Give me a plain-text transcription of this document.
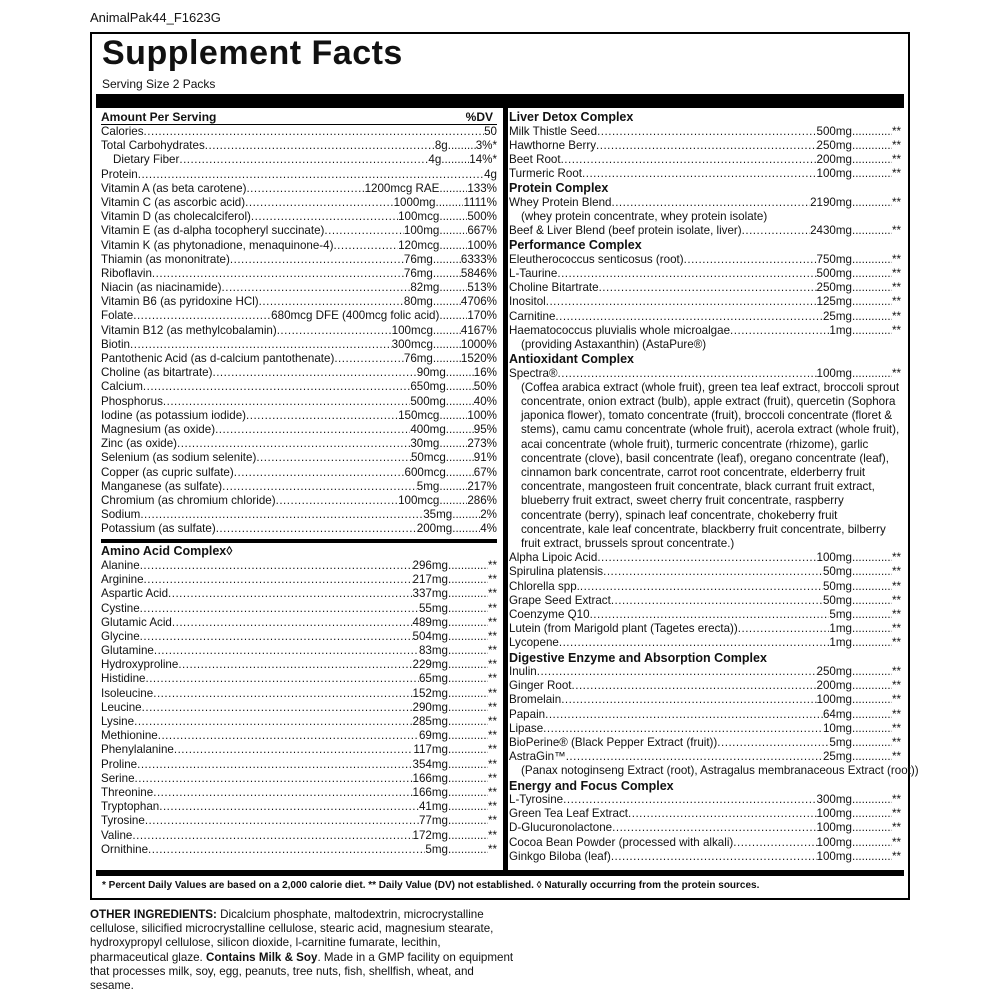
AnimalPak44_F1623G
Supplement Facts
Serving Size 2 Packs
Amount Per Serving	%DV
Calories .....	50
Total Carbohydrates .....	8g ..... 3%*
Dietary Fiber .....	4g ..... 14%*
Protein .....	4g
Vitamin A (as beta carotene) .....	1200mcg RAE ..... 133%
Vitamin C (as ascorbic acid) .....	1000mg ..... 1111%
Vitamin D (as cholecalciferol) .....	100mcg ..... 500%
Vitamin E (as d-alpha tocopheryl succinate) .....	100mg ..... 667%
Vitamin K (as phytonadione, menaquinone-4) .....	120mcg ..... 100%
Thiamin (as mononitrate) .....	76mg ..... 6333%
Riboflavin .....	76mg ..... 5846%
Niacin (as niacinamide) .....	82mg ..... 513%
Vitamin B6 (as pyridoxine HCl) .....	80mg ..... 4706%
Folate .....	680mcg DFE (400mcg folic acid) ..... 170%
Vitamin B12 (as methylcobalamin) .....	100mcg ..... 4167%
Biotin .....	300mcg ..... 1000%
Pantothenic Acid (as d-calcium pantothenate) .....	76mg ..... 1520%
Choline (as bitartrate) .....	90mg ..... 16%
Calcium .....	650mg ..... 50%
Phosphorus .....	500mg ..... 40%
Iodine (as potassium iodide) .....	150mcg ..... 100%
Magnesium (as oxide) .....	400mg ..... 95%
Zinc (as oxide) .....	30mg ..... 273%
Selenium (as sodium selenite) .....	50mcg ..... 91%
Copper (as cupric sulfate) .....	600mcg ..... 67%
Manganese (as sulfate) .....	5mg ..... 217%
Chromium (as chromium chloride) .....	100mcg ..... 286%
Sodium .....	35mg ..... 2%
Potassium (as sulfate) .....	200mg ..... 4%
Amino Acid Complex◊
Alanine .....	296mg .....	**
Arginine .....	217mg .....	**
Aspartic Acid .....	337mg .....	**
Cystine .....	55mg .....	**
Glutamic Acid .....	489mg .....	**
Glycine .....	504mg .....	**
Glutamine .....	83mg .....	**
Hydroxyproline .....	229mg .....	**
Histidine .....	65mg .....	**
Isoleucine .....	152mg .....	**
Leucine .....	290mg .....	**
Lysine .....	285mg .....	**
Methionine .....	69mg .....	**
Phenylalanine .....	117mg .....	**
Proline .....	354mg .....	**
Serine .....	166mg .....	**
Threonine .....	166mg .....	**
Tryptophan .....	41mg .....	**
Tyrosine .....	77mg .....	**
Valine .....	172mg .....	**
Ornithine .....	5mg .....	**
Liver Detox Complex
Milk Thistle Seed .....	500mg .....	**
Hawthorne Berry .....	250mg .....	**
Beet Root .....	200mg .....	**
Turmeric Root .....	100mg .....	**
Protein Complex
Whey Protein Blend .....	2190mg .....	**
(whey protein concentrate, whey protein isolate)
Beef & Liver Blend (beef protein isolate, liver) .....	2430mg .....	**
Performance Complex
Eleutherococcus senticosus (root) .....	750mg .....	**
L-Taurine .....	500mg .....	**
Choline Bitartrate .....	250mg .....	**
Inositol .....	125mg .....	**
Carnitine .....	25mg .....	**
Haematococcus pluvialis whole microalgae .....	1mg .....	**
(providing Astaxanthin) (AstaPure®)
Antioxidant Complex
Spectra® .....	100mg .....	**
(Coffea arabica extract (whole fruit), green tea leaf extract, broccoli sprout concentrate, onion extract (bulb), apple extract (fruit), quercetin (Sophora japonica flower), tomato concentrate (fruit), broccoli concentrate (floret & stems), camu camu concentrate (whole fruit), acerola extract (whole fruit), acai concentrate (whole fruit), turmeric concentrate (rhizome), garlic concentrate (clove), basil concentrate (leaf), oregano concentrate (leaf), cinnamon bark concentrate, carrot root concentrate, elderberry fruit concentrate, mangosteen fruit concentrate, black currant fruit extract, blueberry fruit extract, sweet cherry fruit concentrate, raspberry concentrate (berry), spinach leaf concentrate, chokeberry fruit concentrate, kale leaf concentrate, blackberry fruit concentrate, bilberry fruit extract, brussels sprout concentrate.)
Alpha Lipoic Acid .....	100mg .....	**
Spirulina platensis .....	50mg .....	**
Chlorella spp. .....	50mg .....	**
Grape Seed Extract .....	50mg .....	**
Coenzyme Q10 .....	5mg .....	**
Lutein (from Marigold plant (Tagetes erecta)) .....	1mg .....	**
Lycopene .....	1mg .....	**
Digestive Enzyme and Absorption Complex
Inulin .....	250mg .....	**
Ginger Root .....	200mg .....	**
Bromelain .....	100mg .....	**
Papain .....	64mg .....	**
Lipase .....	10mg .....	**
BioPerine® (Black Pepper Extract (fruit)) .....	5mg .....	**
AstraGin™ .....	25mg .....	**
(Panax notoginseng Extract (root), Astragalus membranaceous Extract (root))
Energy and Focus Complex
L-Tyrosine .....	300mg .....	**
Green Tea Leaf Extract .....	100mg .....	**
D-Glucuronolactone .....	100mg .....	**
Cocoa Bean Powder (processed with alkali) .....	100mg .....	**
Ginkgo Biloba (leaf) .....	100mg .....	**
* Percent Daily Values are based on a 2,000 calorie diet. ** Daily Value (DV) not established. ◊ Naturally occurring from the protein sources.
OTHER INGREDIENTS: Dicalcium phosphate, maltodextrin, microcrystalline cellulose, silicified microcrystalline cellulose, stearic acid, magnesium stearate, hydroxypropyl cellulose, silicon dioxide, l-carnitine fumarate, lecithin, pharmaceutical glaze. Contains Milk & Soy. Made in a GMP facility on equipment that processes milk, soy, egg, peanuts, tree nuts, fish, shellfish, wheat, and sesame.
